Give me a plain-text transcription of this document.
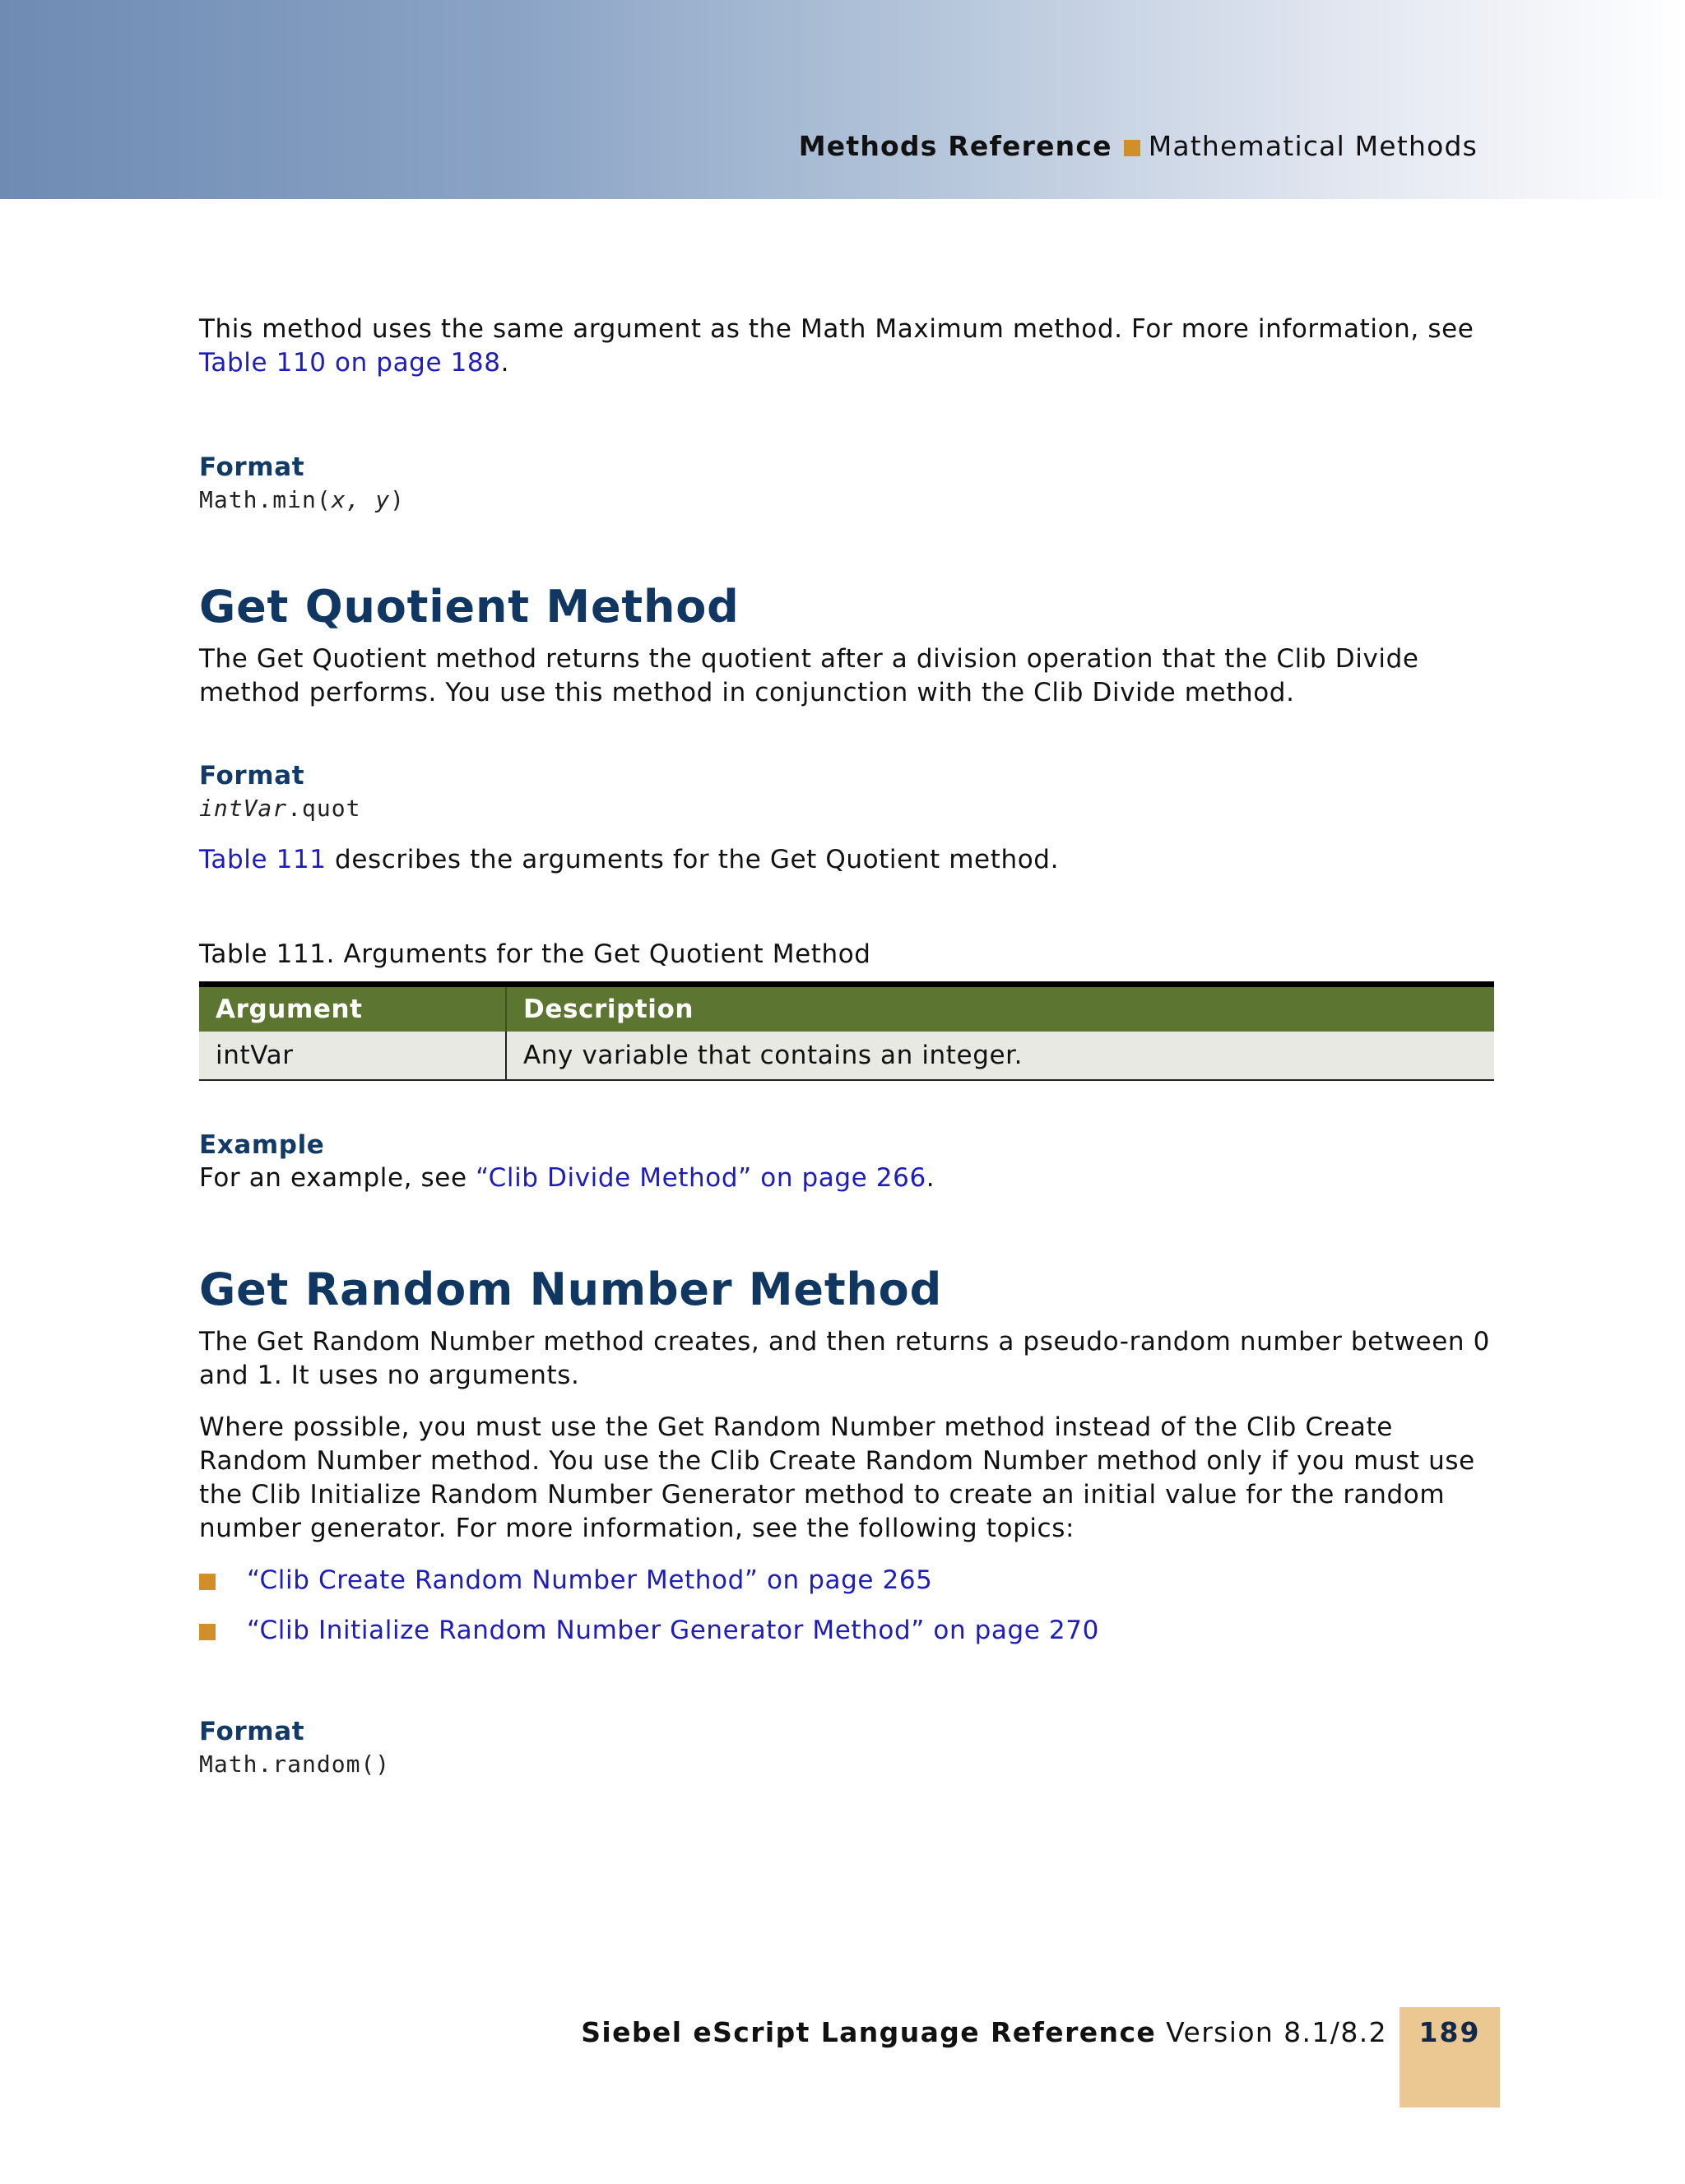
Methods Reference Mathematical Methods

This method uses the same argument as the Math Maximum method. For more information, see Table 110 on page 188.

Format
Math.min(x, y)
Get Quotient Method

The Get Quotient method returns the quotient after a division operation that the Clib Divide method performs. You use this method in conjunction with the Clib Divide method.

Format
intVar.quot

Table 111 describes the arguments for the Get Quotient method.

Table 111. Arguments for the Get Quotient Method
Argument	Description
intVar	Any variable that contains an integer.
Example

For an example, see “Clib Divide Method” on page 266.

Get Random Number Method

The Get Random Number method creates, and then returns a pseudo-random number between 0 and 1. It uses no arguments.

Where possible, you must use the Get Random Number method instead of the Clib Create Random Number method. You use the Clib Create Random Number method only if you must use the Clib Initialize Random Number Generator method to create an initial value for the random number generator. For more information, see the following topics:

“Clib Create Random Number Method” on page 265
“Clib Initialize Random Number Generator Method” on page 270
Format
Math.random()
Siebel eScript Language Reference Version 8.1/8.2	189
